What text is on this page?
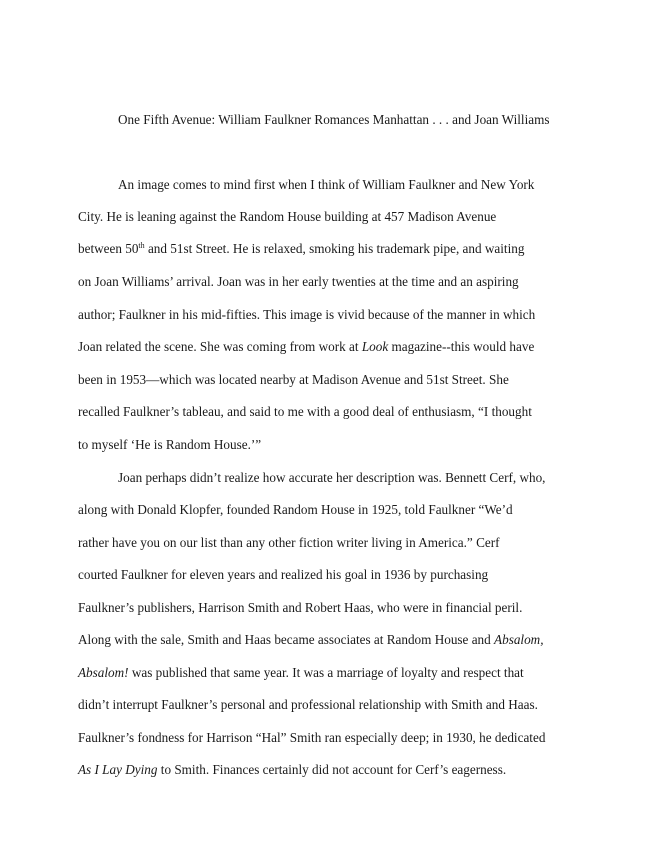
One Fifth Avenue: William Faulkner Romances Manhattan . . . and Joan Williams
An image comes to mind first when I think of William Faulkner and New York
City. He is leaning against the Random House building at 457 Madison Avenue
between 50th and 51st Street. He is relaxed, smoking his trademark pipe, and waiting
on Joan Williams’ arrival. Joan was in her early twenties at the time and an aspiring
author; Faulkner in his mid-fifties. This image is vivid because of the manner in which
Joan related the scene. She was coming from work at Look magazine--this would have
been in 1953—which was located nearby at Madison Avenue and 51st Street. She
recalled Faulkner’s tableau, and said to me with a good deal of enthusiasm, “I thought
to myself ‘He is Random House.’”
Joan perhaps didn’t realize how accurate her description was. Bennett Cerf, who,
along with Donald Klopfer, founded Random House in 1925, told Faulkner “We’d
rather have you on our list than any other fiction writer living in America.” Cerf
courted Faulkner for eleven years and realized his goal in 1936 by purchasing
Faulkner’s publishers, Harrison Smith and Robert Haas, who were in financial peril.
Along with the sale, Smith and Haas became associates at Random House and Absalom,
Absalom! was published that same year. It was a marriage of loyalty and respect that
didn’t interrupt Faulkner’s personal and professional relationship with Smith and Haas.
Faulkner’s fondness for Harrison “Hal” Smith ran especially deep; in 1930, he dedicated
As I Lay Dying to Smith. Finances certainly did not account for Cerf’s eagerness.
